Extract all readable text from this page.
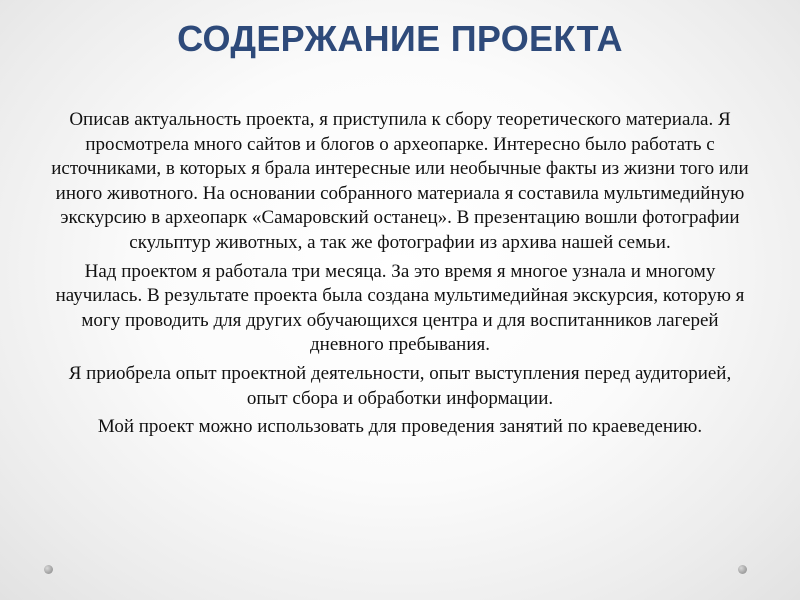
СОДЕРЖАНИЕ ПРОЕКТА

Описав актуальность проекта, я приступила к сбору теоретического материала. Я просмотрела много сайтов и блогов о археопарке. Интересно было работать с источниками, в которых я брала интересные или необычные факты из жизни того или иного животного. На основании собранного материала я составила мультимедийную экскурсию в археопарк «Самаровский останец». В презентацию вошли фотографии скульптур животных, а так же фотографии из архива нашей семьи.

Над проектом я работала три месяца. За это время я многое узнала и многому научилась. В результате проекта была создана мультимедийная экскурсия, которую я могу проводить для других обучающихся центра и для воспитанников лагерей дневного пребывания.

Я приобрела опыт проектной деятельности, опыт выступления перед аудиторией, опыт сбора и обработки информации.

Мой проект можно использовать для проведения занятий по краеведению.
